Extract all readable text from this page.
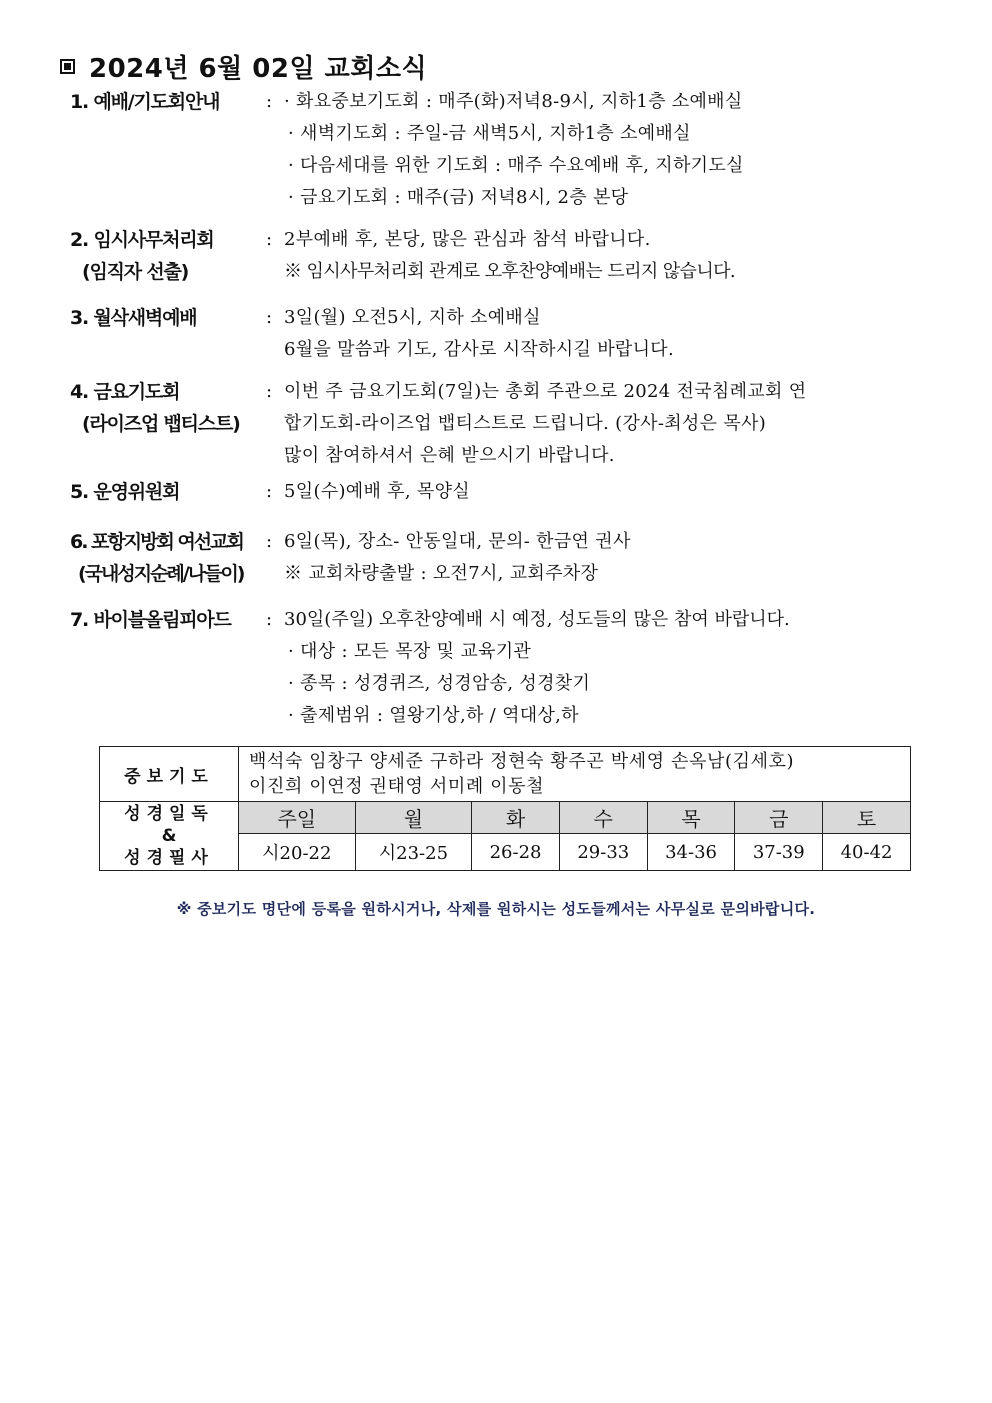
2024년 6월 02일 교회소식
1. 예배/기도회안내	: · 화요중보기도회 : 매주(화)저녁8-9시, 지하1층 소예배실
· 새벽기도회 : 주일-금 새벽5시, 지하1층 소예배실
· 다음세대를 위한 기도회 : 매주 수요예배 후, 지하기도실
· 금요기도회 : 매주(금) 저녁8시, 2층 본당
2. 임시사무처리회
(임직자 선출)
: 2부예배 후, 본당, 많은 관심과 참석 바랍니다.
※ 임시사무처리회 관계로 오후찬양예배는 드리지 않습니다.
3. 월삭새벽예배	: 3일(월) 오전5시, 지하 소예배실
6월을 말씀과 기도, 감사로 시작하시길 바랍니다.
4. 금요기도회
(라이즈업 뱁티스트)
: 이번 주 금요기도회(7일)는 총회 주관으로 2024 전국침례교회 연
합기도회-라이즈업 뱁티스트로 드립니다. (강사-최성은 목사)
많이 참여하셔서 은혜 받으시기 바랍니다.
5. 운영위원회	: 5일(수)예배 후, 목양실
6. 포항지방회 여선교회
(국내성지순례/나들이)
: 6일(목), 장소- 안동일대, 문의- 한금연 권사
※ 교회차량출발 : 오전7시, 교회주차장
7. 바이블올림피아드	: 30일(주일) 오후찬양예배 시 예정, 성도들의 많은 참여 바랍니다.
· 대상 : 모든 목장 및 교육기관
· 종목 : 성경퀴즈, 성경암송, 성경찾기
· 출제범위 : 열왕기상,하 / 역대상,하
중보기도	백석숙 임창구 양세준 구하라 정현숙 황주곤 박세영 손옥남(김세호)
이진희 이연정 권태영 서미례 이동철						

성경일독
&
성경필사	주일	월	화	수	목	금	토
	시20-22	시23-25	26-28	29-33	34-36	37-39	40-42
※ 중보기도 명단에 등록을 원하시거나, 삭제를 원하시는 성도들께서는 사무실로 문의바랍니다.
